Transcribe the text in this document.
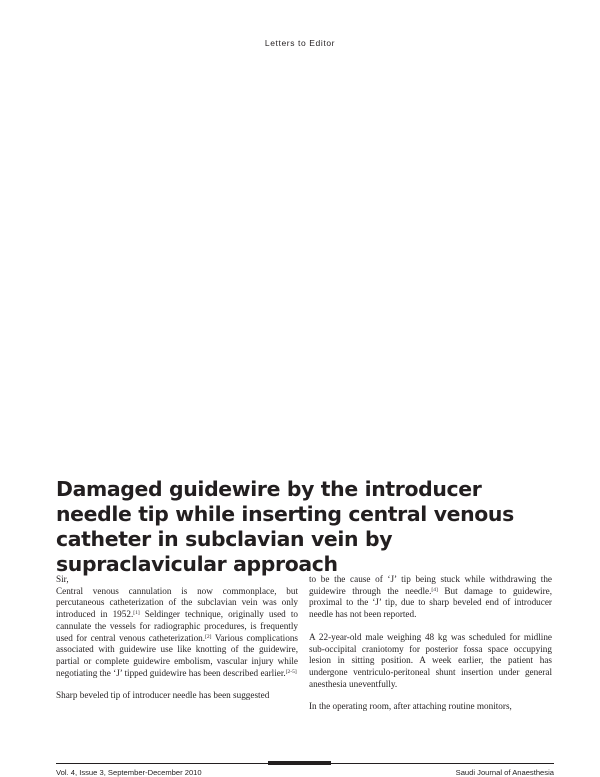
Letters to Editor
Damaged guidewire by the introducer needle tip while inserting central venous catheter in subclavian vein by supraclavicular approach

Sir,

Central venous cannulation is now commonplace, but percutaneous catheterization of the subclavian vein was only introduced in 1952.[1] Seldinger technique, originally used to cannulate the vessels for radiographic procedures, is frequently used for central venous catheterization.[2] Various complications associated with guidewire use like knotting of the guidewire, partial or complete guidewire embolism, vascular injury while negotiating the ‘J’ tipped guidewire has been described earlier.[2-5]

Sharp beveled tip of introducer needle has been suggested

to be the cause of ‘J’ tip being stuck while withdrawing the guidewire through the needle.[4] But damage to guidewire, proximal to the ‘J’ tip, due to sharp beveled end of introducer needle has not been reported.

A 22-year-old male weighing 48 kg was scheduled for midline sub-occipital craniotomy for posterior fossa space occupying lesion in sitting position. A week earlier, the patient has undergone ventriculo-peritoneal shunt insertion under general anesthesia uneventfully.

In the operating room, after attaching routine monitors,

Vol. 4, Issue 3, September-December 2010	Saudi Journal of Anaesthesia
